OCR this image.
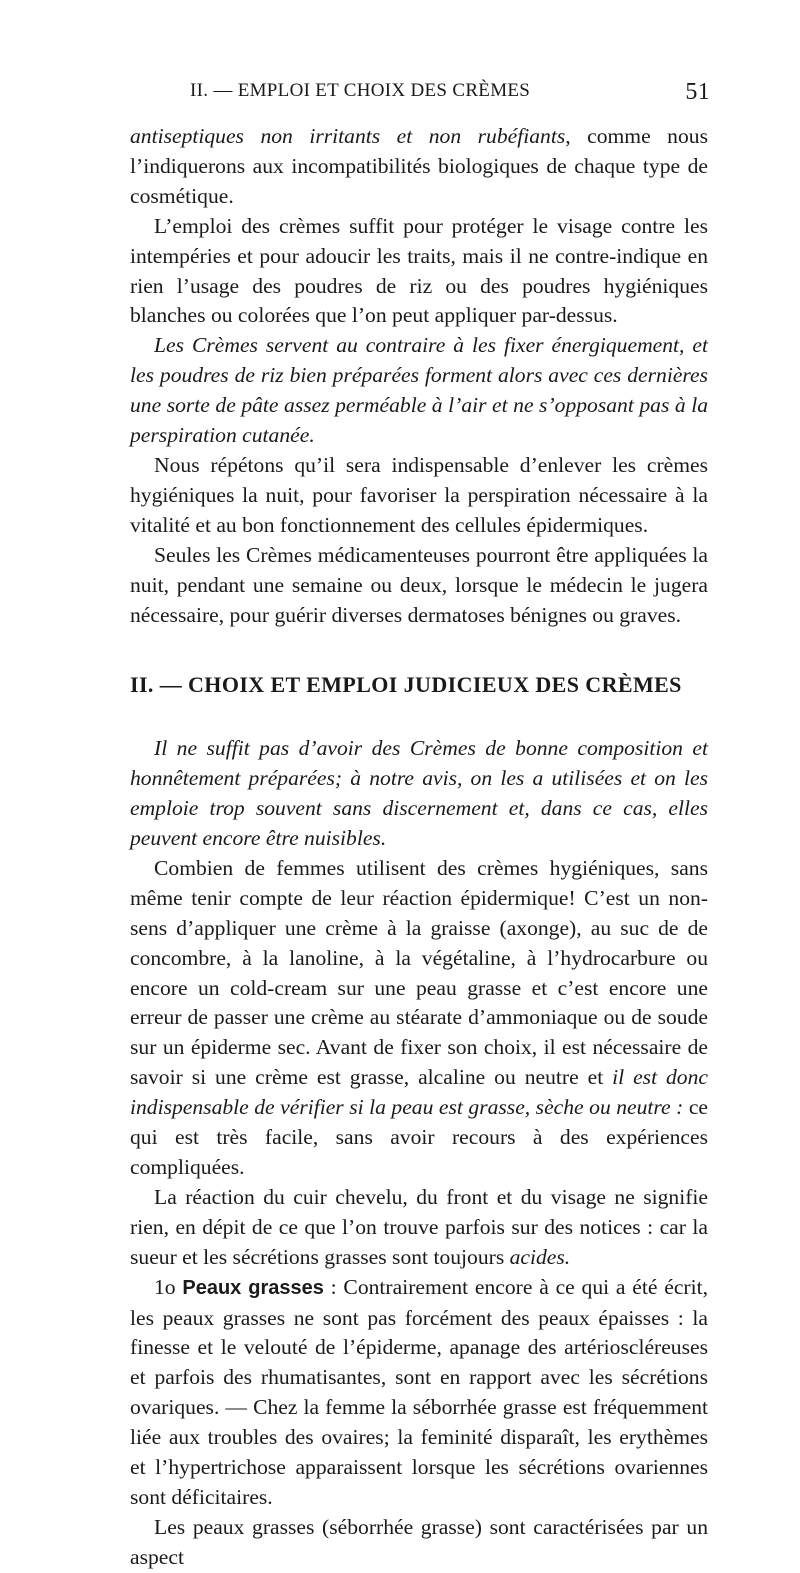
II. — EMPLOI ET CHOIX DES CRÈMES	51

antiseptiques non irritants et non rubéfiants, comme nous l’indiquerons aux incompatibilités biologiques de chaque type de cosmétique.

L’emploi des crèmes suffit pour protéger le visage contre les intempéries et pour adoucir les traits, mais il ne contre-indique en rien l’usage des poudres de riz ou des poudres hygiéniques blanches ou colorées que l’on peut appliquer par-dessus.

Les Crèmes servent au contraire à les fixer énergiquement, et les poudres de riz bien préparées forment alors avec ces dernières une sorte de pâte assez perméable à l’air et ne s’opposant pas à la perspiration cutanée.

Nous répétons qu’il sera indispensable d’enlever les crèmes hygiéniques la nuit, pour favoriser la perspiration nécessaire à la vitalité et au bon fonctionnement des cellules épidermiques.

Seules les Crèmes médicamenteuses pourront être appliquées la nuit, pendant une semaine ou deux, lorsque le médecin le jugera nécessaire, pour guérir diverses dermatoses bénignes ou graves.

II. — CHOIX ET EMPLOI JUDICIEUX DES CRÈMES

Il ne suffit pas d’avoir des Crèmes de bonne composition et honnêtement préparées; à notre avis, on les a utilisées et on les emploie trop souvent sans discernement et, dans ce cas, elles peuvent encore être nuisibles.

Combien de femmes utilisent des crèmes hygiéniques, sans même tenir compte de leur réaction épidermique! C’est un non-sens d’appliquer une crème à la graisse (axonge), au suc de de concombre, à la lanoline, à la végétaline, à l’hydrocarbure ou encore un cold-cream sur une peau grasse et c’est encore une erreur de passer une crème au stéarate d’ammoniaque ou de soude sur un épiderme sec. Avant de fixer son choix, il est nécessaire de savoir si une crème est grasse, alcaline ou neutre et il est donc indispensable de vérifier si la peau est grasse, sèche ou neutre : ce qui est très facile, sans avoir recours à des expériences compliquées.

La réaction du cuir chevelu, du front et du visage ne signifie rien, en dépit de ce que l’on trouve parfois sur des notices : car la sueur et les sécrétions grasses sont toujours acides.

1o Peaux grasses : Contrairement encore à ce qui a été écrit, les peaux grasses ne sont pas forcément des peaux épaisses : la finesse et le velouté de l’épiderme, apanage des artérioscléreuses et parfois des rhumatisantes, sont en rapport avec les sécrétions ovariques. — Chez la femme la séborrhée grasse est fréquemment liée aux troubles des ovaires; la feminité disparaît, les erythèmes et l’hypertrichose apparaissent lorsque les sécrétions ovariennes sont déficitaires.

Les peaux grasses (séborrhée grasse) sont caractérisées par un aspect
